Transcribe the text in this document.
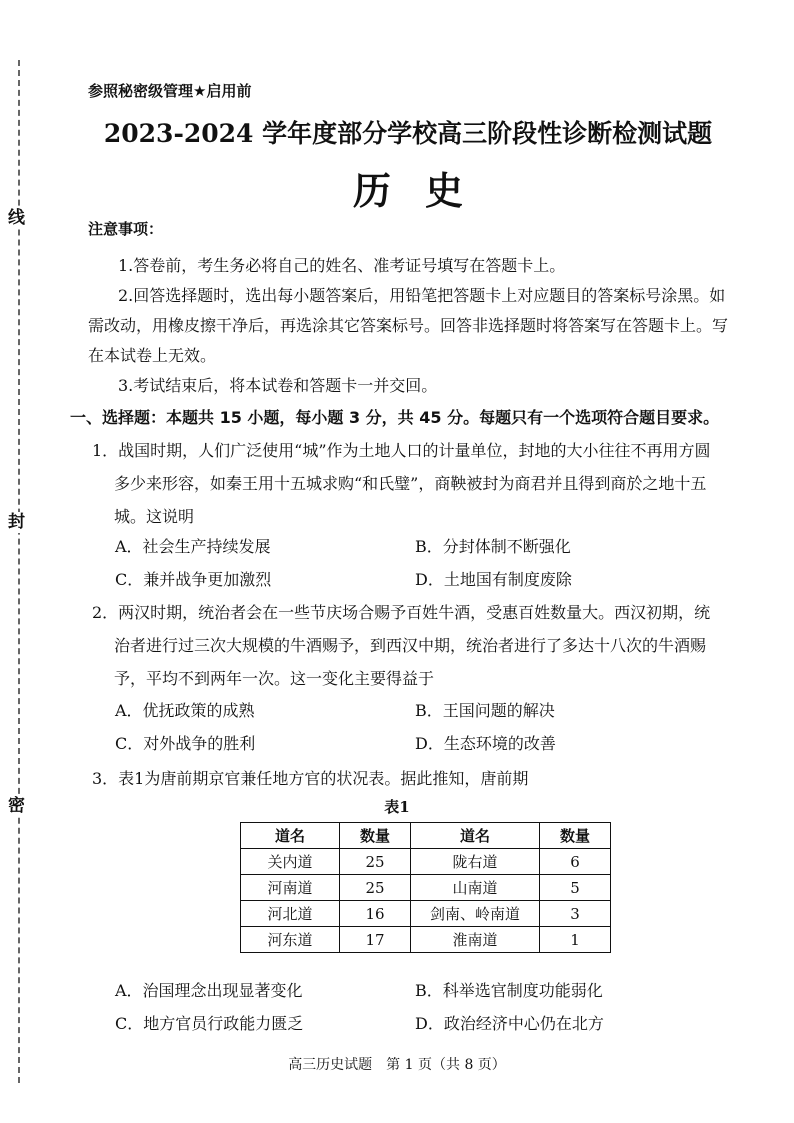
线
封
密
参照秘密级管理★启用前
2023-2024 学年度部分学校高三阶段性诊断检测试题
历史
注意事项：

1.答卷前，考生务必将自己的姓名、准考证号填写在答题卡上。

2.回答选择题时，选出每小题答案后，用铅笔把答题卡上对应题目的答案标号涂黑。如需改动，用橡皮擦干净后，再选涂其它答案标号。回答非选择题时将答案写在答题卡上。写在本试卷上无效。

3.考试结束后，将本试卷和答题卡一并交回。

一、选择题：本题共 15 小题，每小题 3 分，共 45 分。每题只有一个选项符合题目要求。
1．战国时期，人们广泛使用“城”作为土地人口的计量单位，封地的大小往往不再用方圆多少来形容，如秦王用十五城求购“和氏璧”，商鞅被封为商君并且得到商於之地十五城。这说明
A．社会生产持续发展	B．分封体制不断强化
C．兼并战争更加激烈	D．土地国有制度废除
2．两汉时期，统治者会在一些节庆场合赐予百姓牛酒，受惠百姓数量大。西汉初期，统治者进行过三次大规模的牛酒赐予，到西汉中期，统治者进行了多达十八次的牛酒赐予，平均不到两年一次。这一变化主要得益于
A．优抚政策的成熟	B．王国问题的解决
C．对外战争的胜利	D．生态环境的改善
3．表1为唐前期京官兼任地方官的状况表。据此推知，唐前期
表1
道名	数量	道名	数量
关内道	25	陇右道	6
河南道	25	山南道	5
河北道	16	剑南、岭南道	3
河东道	17	淮南道	1
A．治国理念出现显著变化	B．科举选官制度功能弱化
C．地方官员行政能力匮乏	D．政治经济中心仍在北方
高三历史试题　第 1 页（共 8 页）
